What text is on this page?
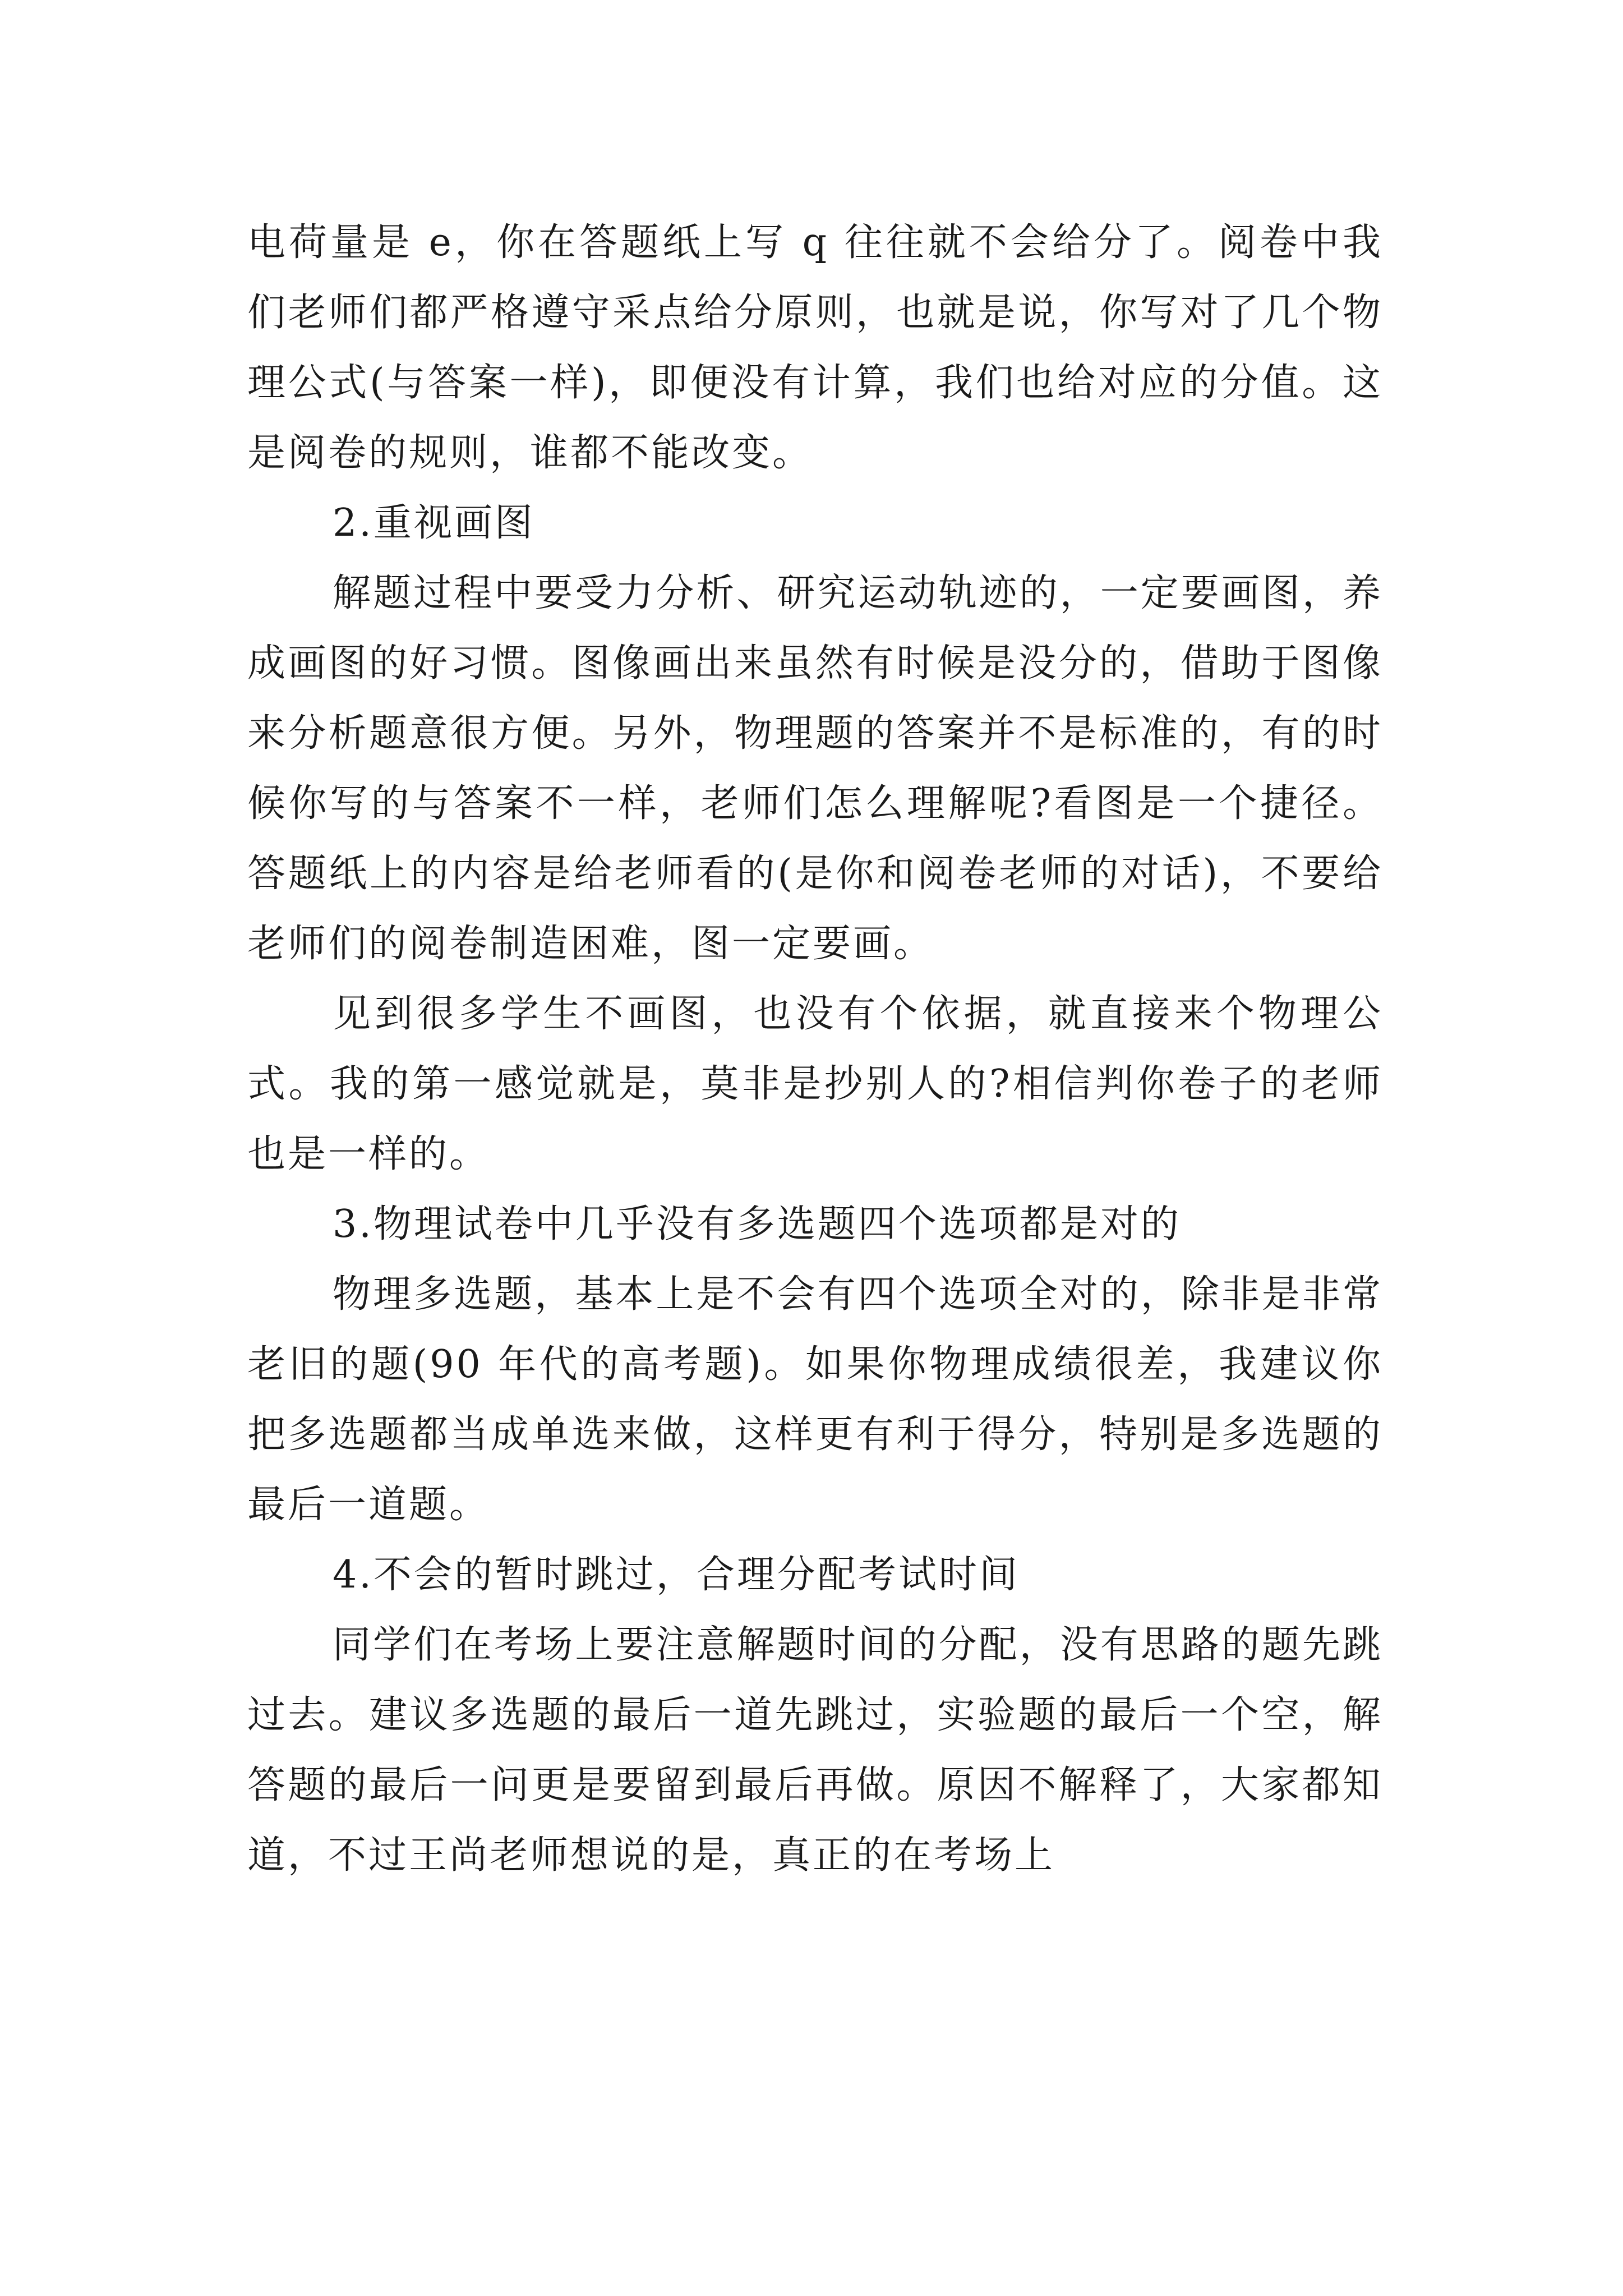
电荷量是 e，你在答题纸上写 q 往往就不会给分了。阅卷中我们老师们都严格遵守采点给分原则，也就是说，你写对了几个物理公式(与答案一样)，即便没有计算，我们也给对应的分值。这是阅卷的规则，谁都不能改变。

2.重视画图

解题过程中要受力分析、研究运动轨迹的，一定要画图，养成画图的好习惯。图像画出来虽然有时候是没分的，借助于图像来分析题意很方便。另外，物理题的答案并不是标准的，有的时候你写的与答案不一样，老师们怎么理解呢?看图是一个捷径。答题纸上的内容是给老师看的(是你和阅卷老师的对话)，不要给老师们的阅卷制造困难，图一定要画。

见到很多学生不画图，也没有个依据，就直接来个物理公式。我的第一感觉就是，莫非是抄别人的?相信判你卷子的老师也是一样的。

3.物理试卷中几乎没有多选题四个选项都是对的

物理多选题，基本上是不会有四个选项全对的，除非是非常老旧的题(90 年代的高考题)。如果你物理成绩很差，我建议你把多选题都当成单选来做，这样更有利于得分，特别是多选题的最后一道题。

4.不会的暂时跳过，合理分配考试时间

同学们在考场上要注意解题时间的分配，没有思路的题先跳过去。建议多选题的最后一道先跳过，实验题的最后一个空，解答题的最后一问更是要留到最后再做。原因不解释了，大家都知道，不过王尚老师想说的是，真正的在考场上
